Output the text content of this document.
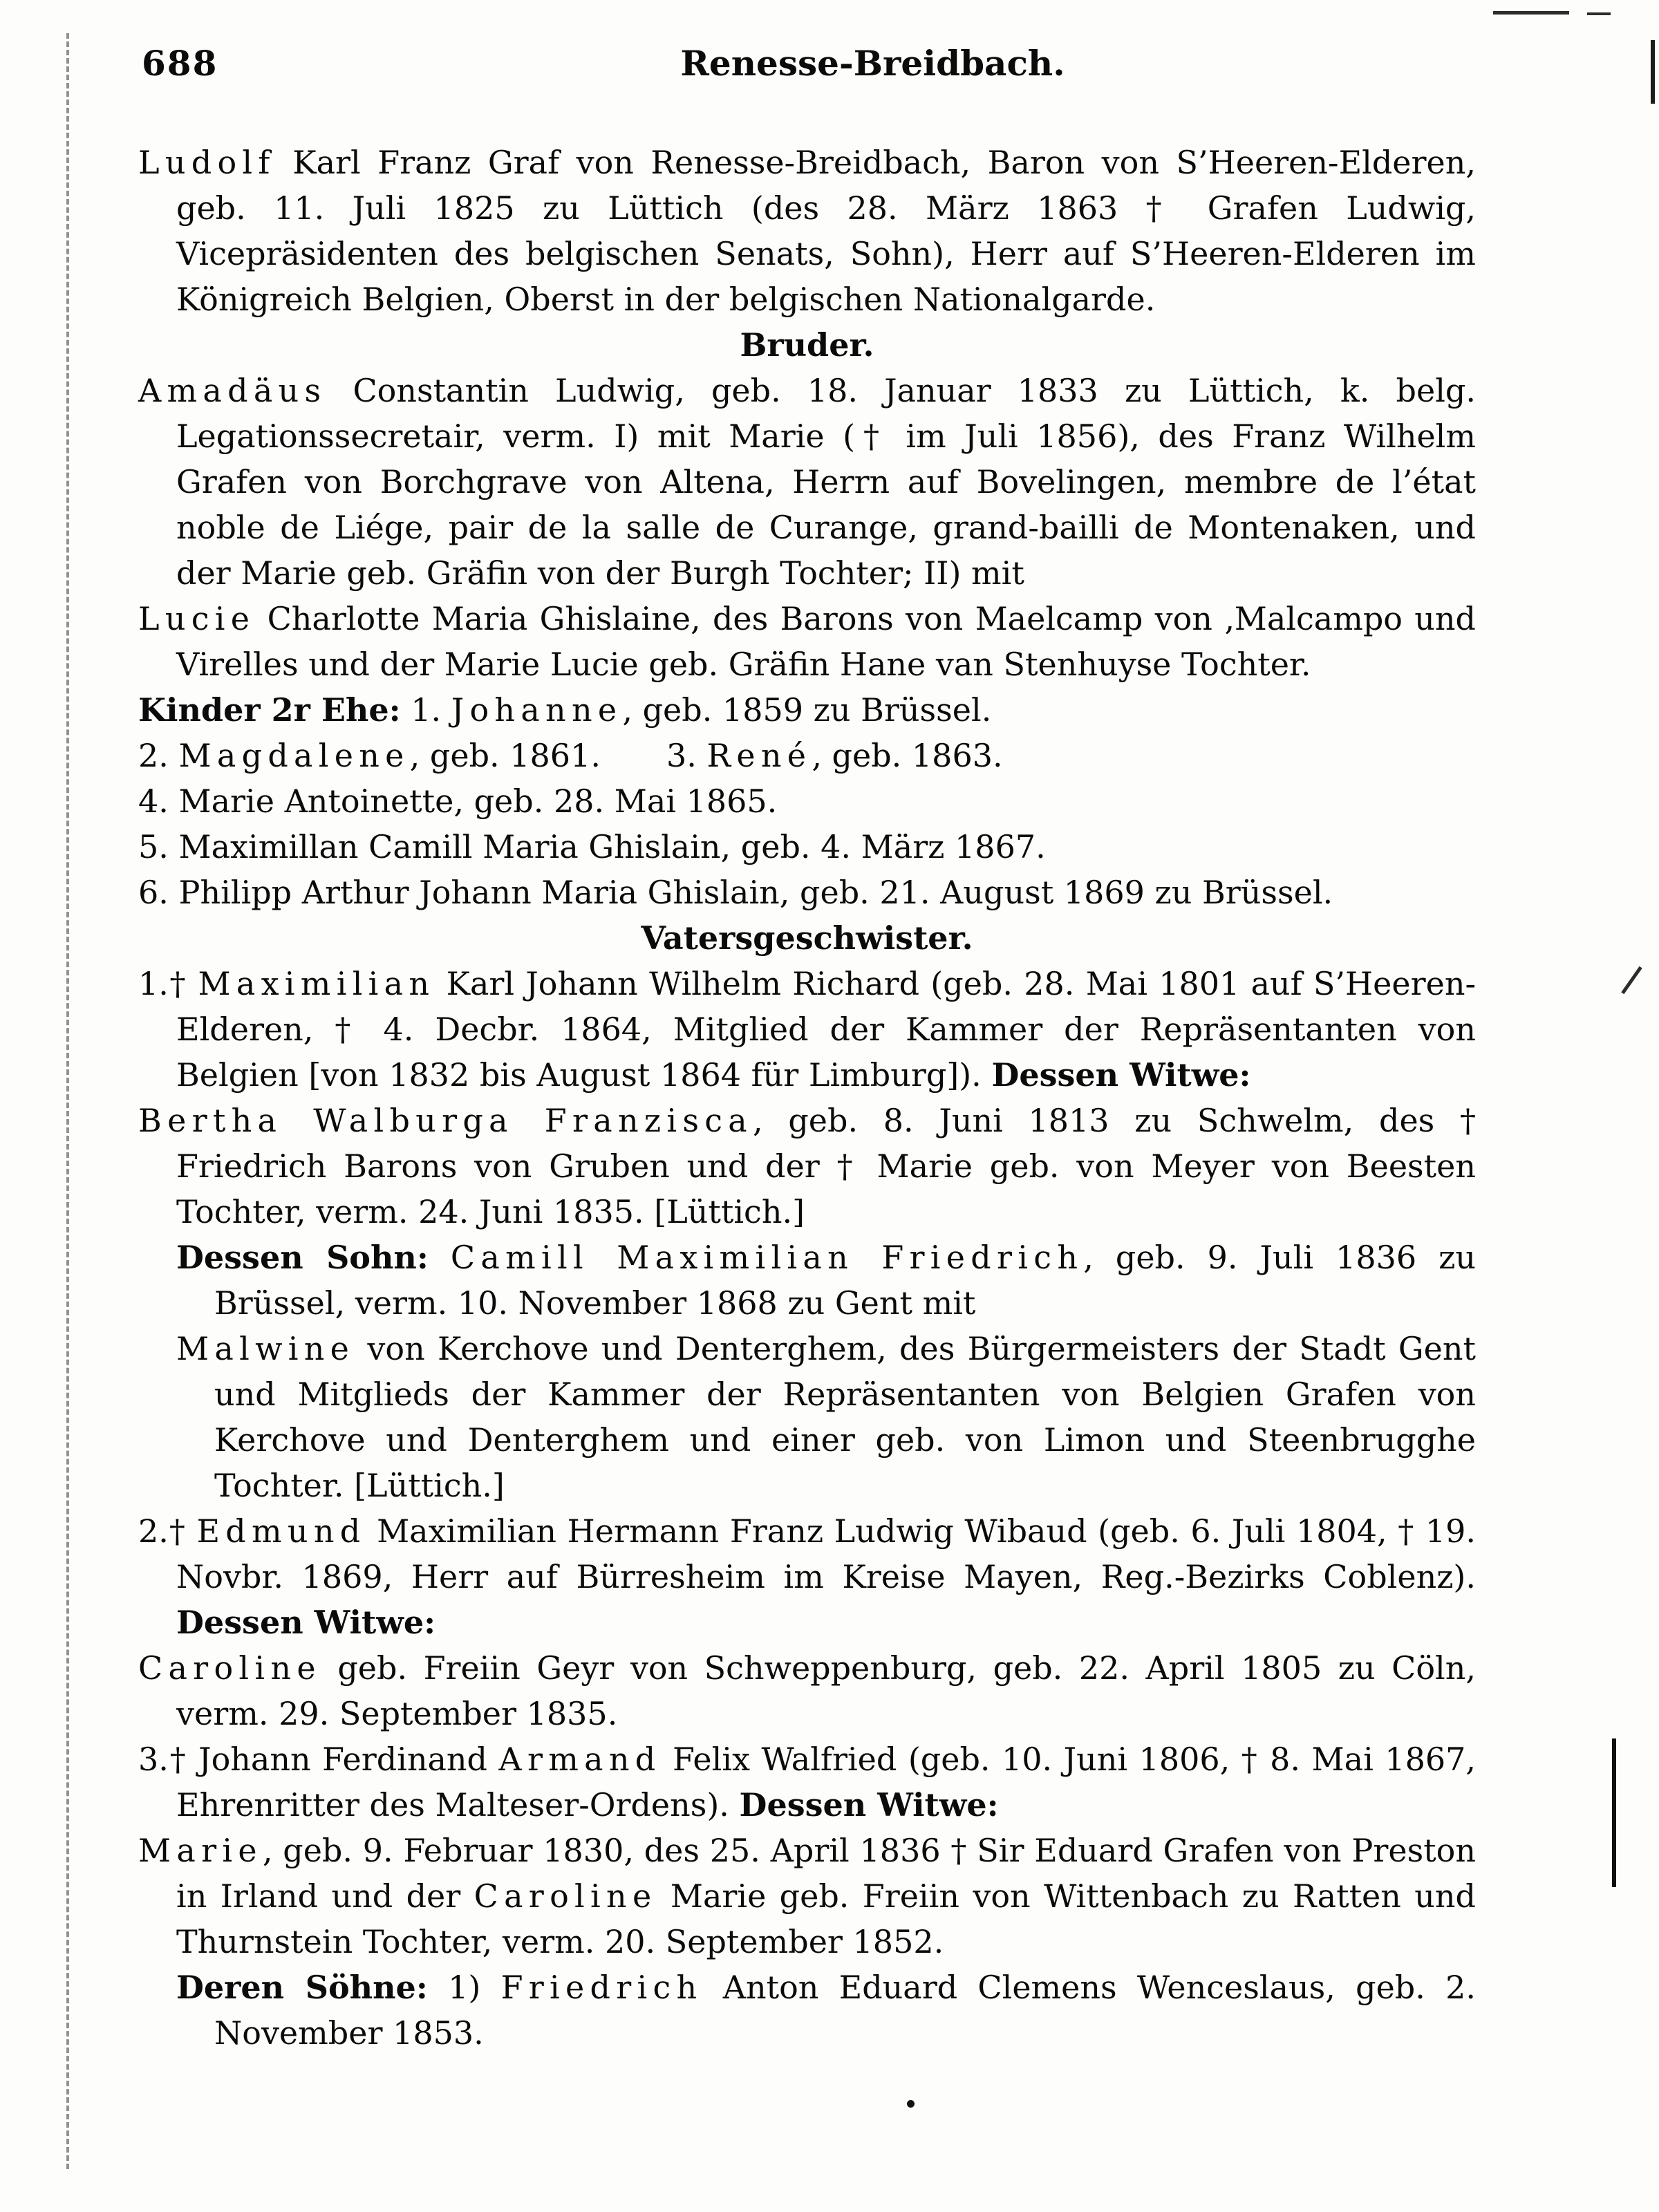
688	Renesse-Breidbach.

Ludolf Karl Franz Graf von Renesse-Breidbach, Baron von S’Heeren-Elderen, geb. 11. Juli 1825 zu Lüttich (des 28. März 1863 † Grafen Ludwig, Vicepräsidenten des belgischen Senats, Sohn), Herr auf S’Heeren-Elderen im Königreich Belgien, Oberst in der belgischen Nationalgarde.

Bruder.

Amadäus Constantin Ludwig, geb. 18. Januar 1833 zu Lüttich, k. belg. Legationssecretair, verm. I) mit Marie († im Juli 1856), des Franz Wilhelm Grafen von Borchgrave von Altena, Herrn auf Bovelingen, membre de l’état noble de Liége, pair de la salle de Curange, grand-bailli de Montenaken, und der Marie geb. Gräfin von der Burgh Tochter; II) mit

Lucie Charlotte Maria Ghislaine, des Barons von Maelcamp von ‚Malcampo und Virelles und der Marie Lucie geb. Gräfin Hane van Stenhuyse Tochter.

Kinder 2r Ehe: 1. Johanne, geb. 1859 zu Brüssel.

2. Magdalene, geb. 1861. 3. René, geb. 1863.

4. Marie Antoinette, geb. 28. Mai 1865.

5. Maximillan Camill Maria Ghislain, geb. 4. März 1867.

6. Philipp Arthur Johann Maria Ghislain, geb. 21. August 1869 zu Brüssel.

Vatersgeschwister.

1.† Maximilian Karl Johann Wilhelm Richard (geb. 28. Mai 1801 auf S’Heeren-Elderen, † 4. Decbr. 1864, Mitglied der Kammer der Repräsentanten von Belgien [von 1832 bis August 1864 für Limburg]). Dessen Witwe:

Bertha Walburga Franzisca, geb. 8. Juni 1813 zu Schwelm, des † Friedrich Barons von Gruben und der † Marie geb. von Meyer von Beesten Tochter, verm. 24. Juni 1835. [Lüttich.]

Dessen Sohn: Camill Maximilian Friedrich, geb. 9. Juli 1836 zu Brüssel, verm. 10. November 1868 zu Gent mit

Malwine von Kerchove und Denterghem, des Bürgermeisters der Stadt Gent und Mitglieds der Kammer der Repräsentanten von Belgien Grafen von Kerchove und Denterghem und einer geb. von Limon und Steenbrugghe Tochter. [Lüttich.]

2.† Edmund Maximilian Hermann Franz Ludwig Wibaud (geb. 6. Juli 1804, † 19. Novbr. 1869, Herr auf Bürresheim im Kreise Mayen, Reg.-Bezirks Coblenz). Dessen Witwe:

Caroline geb. Freiin Geyr von Schweppenburg, geb. 22. April 1805 zu Cöln, verm. 29. September 1835.

3.† Johann Ferdinand Armand Felix Walfried (geb. 10. Juni 1806, † 8. Mai 1867, Ehrenritter des Malteser-Ordens). Dessen Witwe:

Marie, geb. 9. Februar 1830, des 25. April 1836 † Sir Eduard Grafen von Preston in Irland und der Caroline Marie geb. Freiin von Wittenbach zu Ratten und Thurnstein Tochter, verm. 20. September 1852.

Deren Söhne: 1) Friedrich Anton Eduard Clemens Wenceslaus, geb. 2. November 1853.
